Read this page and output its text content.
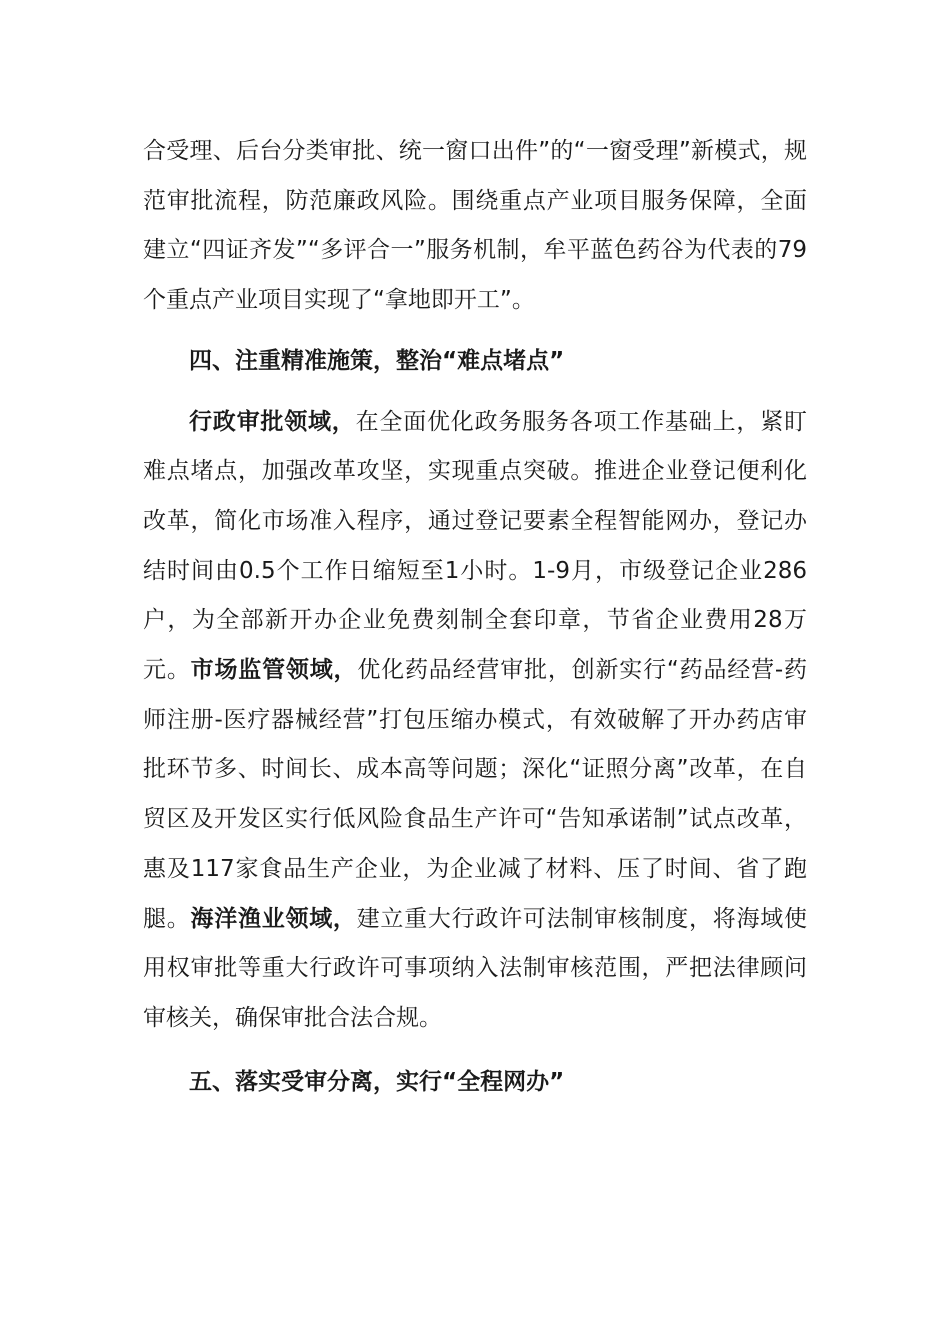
合受理、后台分类审批、统一窗口出件”的“一窗受理”新模式，规范审批流程，防范廉政风险。围绕重点产业项目服务保障，全面建立“四证齐发”“多评合一”服务机制，牟平蓝色药谷为代表的79个重点产业项目实现了“拿地即开工”。

四、注重精准施策，整治“难点堵点”

行政审批领域，在全面优化政务服务各项工作基础上，紧盯难点堵点，加强改革攻坚，实现重点突破。推进企业登记便利化改革，简化市场准入程序，通过登记要素全程智能网办，登记办结时间由0.5个工作日缩短至1小时。1-9月，市级登记企业286户，为全部新开办企业免费刻制全套印章，节省企业费用28万元。市场监管领域，优化药品经营审批，创新实行“药品经营-药师注册-医疗器械经营”打包压缩办模式，有效破解了开办药店审批环节多、时间长、成本高等问题；深化“证照分离”改革，在自贸区及开发区实行低风险食品生产许可“告知承诺制”试点改革，惠及117家食品生产企业，为企业减了材料、压了时间、省了跑腿。海洋渔业领域，建立重大行政许可法制审核制度，将海域使用权审批等重大行政许可事项纳入法制审核范围，严把法律顾问审核关，确保审批合法合规。

五、落实受审分离，实行“全程网办”
